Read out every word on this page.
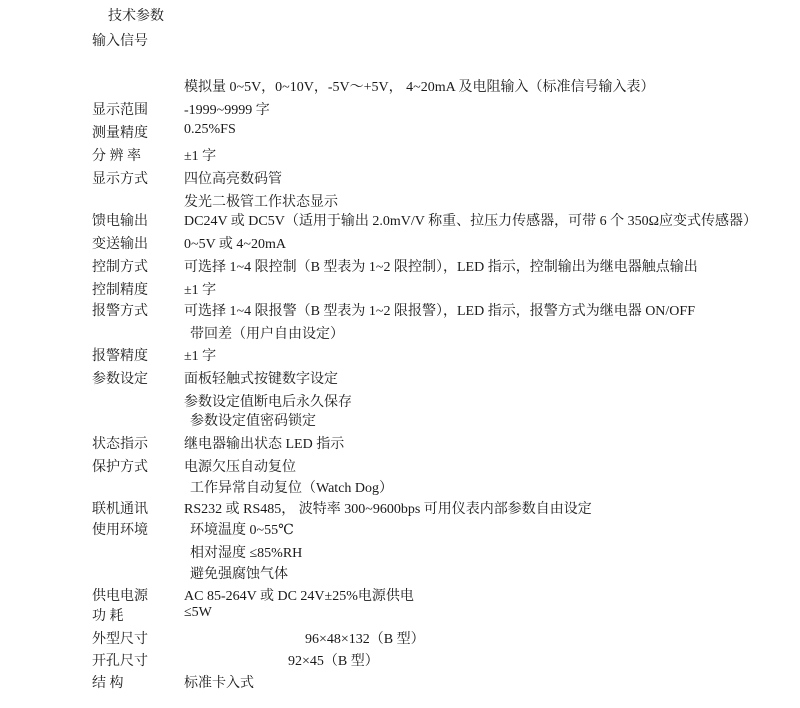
技术参数
输入信号
模拟量 0~5V，0~10V，-5V～+5V， 4~20mA 及电阻输入（标准信号输入表）
显示范围	-1999~9999 字
测量精度	0.25%FS
分 辨 率	±1 字
显示方式	四位高亮数码管
发光二极管工作状态显示
馈电输出	DC24V 或 DC5V（适用于输出 2.0mV/V 称重、拉压力传感器，可带 6 个 350Ω应变式传感器）
变送输出	0~5V 或 4~20mA
控制方式	可选择 1~4 限控制（B 型表为 1~2 限控制），LED 指示，控制输出为继电器触点输出
控制精度	±1 字
报警方式	可选择 1~4 限报警（B 型表为 1~2 限报警），LED 指示，报警方式为继电器 ON/OFF
带回差（用户自由设定）
报警精度	±1 字
参数设定	面板轻触式按键数字设定
参数设定值断电后永久保存
参数设定值密码锁定
状态指示	继电器输出状态 LED 指示
保护方式	电源欠压自动复位
工作异常自动复位（Watch Dog）
联机通讯	RS232 或 RS485， 波特率 300~9600bps 可用仪表内部参数自由设定
使用环境	环境温度 0~55℃
相对湿度 ≤85%RH
避免强腐蚀气体
供电电源	AC 85-264V 或 DC 24V±25%电源供电
功 耗	≤5W
外型尺寸	96×48×132（B 型）
开孔尺寸	92×45（B 型）
结 构	标准卡入式
